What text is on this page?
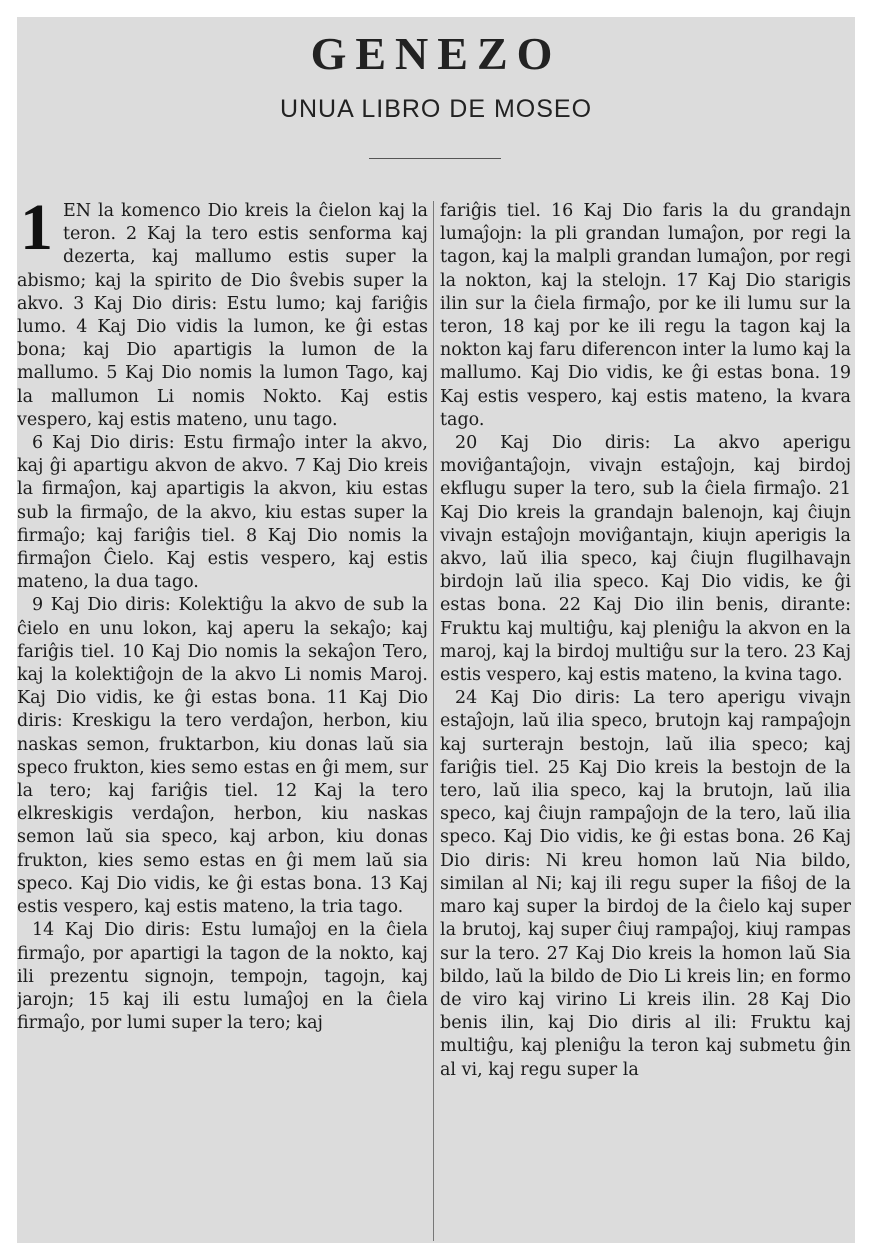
GENEZO
UNUA LIBRO DE MOSEO

1 EN la komenco Dio kreis la ĉielon kaj la teron. 2 Kaj la tero estis senforma kaj dezerta, kaj mallumo estis super la abismo; kaj la spirito de Dio ŝvebis super la akvo. 3 Kaj Dio diris: Estu lumo; kaj fariĝis lumo. 4 Kaj Dio vidis la lumon, ke ĝi estas bona; kaj Dio apartigis la lumon de la mallumo. 5 Kaj Dio nomis la lumon Tago, kaj la mallumon Li nomis Nokto. Kaj estis vespero, kaj estis mateno, unu tago.

6 Kaj Dio diris: Estu firmaĵo inter la akvo, kaj ĝi apartigu akvon de akvo. 7 Kaj Dio kreis la firmaĵon, kaj apartigis la akvon, kiu estas sub la firmaĵo, de la akvo, kiu estas super la firmaĵo; kaj fariĝis tiel. 8 Kaj Dio nomis la firmaĵon Ĉielo. Kaj estis vespero, kaj estis mateno, la dua tago.

9 Kaj Dio diris: Kolektiĝu la akvo de sub la ĉielo en unu lokon, kaj aperu la sekaĵo; kaj fariĝis tiel. 10 Kaj Dio nomis la sekaĵon Tero, kaj la kolektiĝojn de la akvo Li nomis Maroj. Kaj Dio vidis, ke ĝi estas bona. 11 Kaj Dio diris: Kreskigu la tero verdaĵon, herbon, kiu naskas semon, fruktarbon, kiu donas laŭ sia speco frukton, kies semo estas en ĝi mem, sur la tero; kaj fariĝis tiel. 12 Kaj la tero elkreskigis verdaĵon, herbon, kiu naskas semon laŭ sia speco, kaj arbon, kiu donas frukton, kies semo estas en ĝi mem laŭ sia speco. Kaj Dio vidis, ke ĝi estas bona. 13 Kaj estis vespero, kaj estis mateno, la tria tago.

14 Kaj Dio diris: Estu lumaĵoj en la ĉiela firmaĵo, por apartigi la tagon de la nokto, kaj ili prezentu signojn, tempojn, tagojn, kaj jarojn; 15 kaj ili estu lumaĵoj en la ĉiela firmaĵo, por lumi super la tero; kaj

fariĝis tiel. 16 Kaj Dio faris la du grandajn lumaĵojn: la pli grandan lumaĵon, por regi la tagon, kaj la malpli grandan lumaĵon, por regi la nokton, kaj la stelojn. 17 Kaj Dio starigis ilin sur la ĉiela firmaĵo, por ke ili lumu sur la teron, 18 kaj por ke ili regu la tagon kaj la nokton kaj faru diferencon inter la lumo kaj la mallumo. Kaj Dio vidis, ke ĝi estas bona. 19 Kaj estis vespero, kaj estis mateno, la kvara tago.

20 Kaj Dio diris: La akvo aperigu moviĝantaĵojn, vivajn estaĵojn, kaj birdoj ekflugu super la tero, sub la ĉiela firmaĵo. 21 Kaj Dio kreis la grandajn balenojn, kaj ĉiujn vivajn estaĵojn moviĝantajn, kiujn aperigis la akvo, laŭ ilia speco, kaj ĉiujn flugilhavajn birdojn laŭ ilia speco. Kaj Dio vidis, ke ĝi estas bona. 22 Kaj Dio ilin benis, dirante: Fruktu kaj multiĝu, kaj pleniĝu la akvon en la maroj, kaj la birdoj multiĝu sur la tero. 23 Kaj estis vespero, kaj estis mateno, la kvina tago.

24 Kaj Dio diris: La tero aperigu vivajn estaĵojn, laŭ ilia speco, brutojn kaj rampaĵojn kaj surterajn bestojn, laŭ ilia speco; kaj fariĝis tiel. 25 Kaj Dio kreis la bestojn de la tero, laŭ ilia speco, kaj la brutojn, laŭ ilia speco, kaj ĉiujn rampaĵojn de la tero, laŭ ilia speco. Kaj Dio vidis, ke ĝi estas bona. 26 Kaj Dio diris: Ni kreu homon laŭ Nia bildo, similan al Ni; kaj ili regu super la fiŝoj de la maro kaj super la birdoj de la ĉielo kaj super la brutoj, kaj super ĉiuj rampaĵoj, kiuj rampas sur la tero. 27 Kaj Dio kreis la homon laŭ Sia bildo, laŭ la bildo de Dio Li kreis lin; en formo de viro kaj virino Li kreis ilin. 28 Kaj Dio benis ilin, kaj Dio diris al ili: Fruktu kaj multiĝu, kaj pleniĝu la teron kaj submetu ĝin al vi, kaj regu super la
